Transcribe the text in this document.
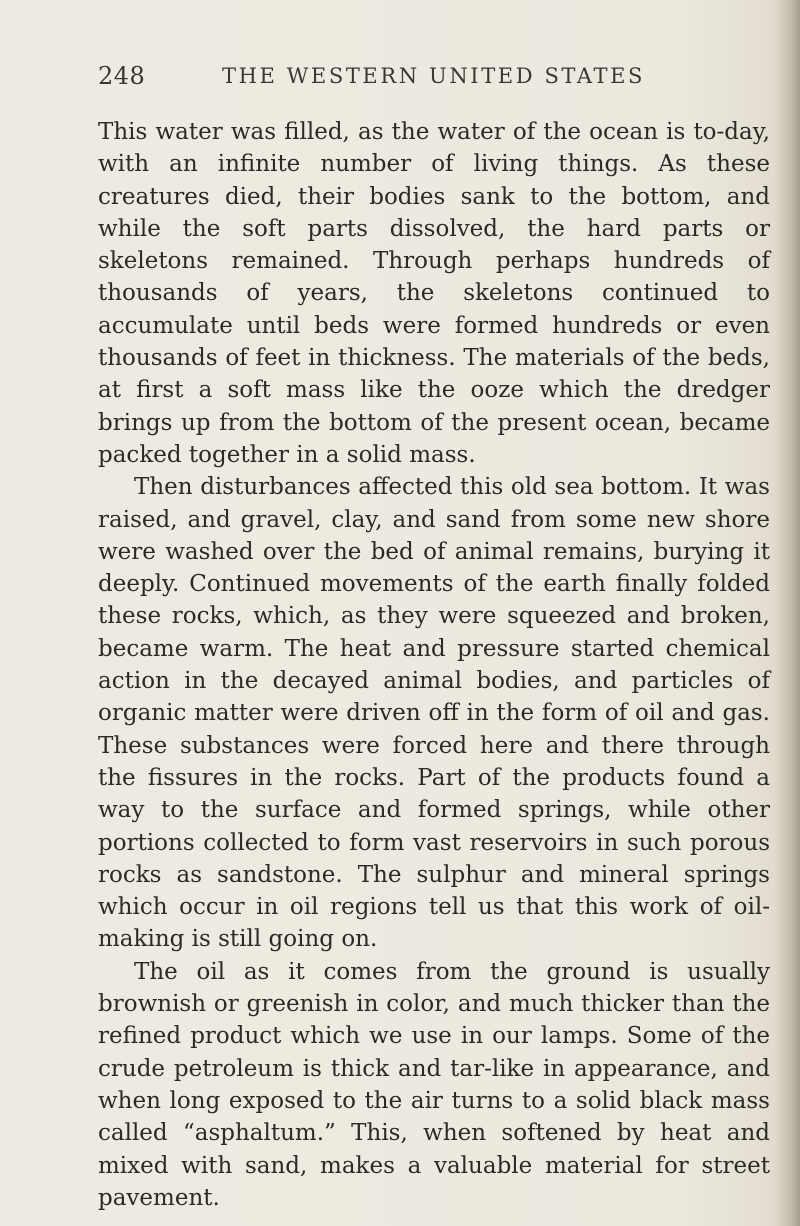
248	THE WESTERN UNITED STATES

This water was filled, as the water of the ocean is to-day, with an infinite number of living things. As these creatures died, their bodies sank to the bottom, and while the soft parts dissolved, the hard parts or skeletons remained. Through perhaps hundreds of thousands of years, the skeletons continued to accumulate until beds were formed hundreds or even thousands of feet in thickness. The materials of the beds, at first a soft mass like the ooze which the dredger brings up from the bottom of the present ocean, became packed together in a solid mass.

Then disturbances affected this old sea bottom. It was raised, and gravel, clay, and sand from some new shore were washed over the bed of animal remains, burying it deeply. Continued movements of the earth finally folded these rocks, which, as they were squeezed and broken, became warm. The heat and pressure started chemical action in the decayed animal bodies, and particles of organic matter were driven off in the form of oil and gas. These substances were forced here and there through the fissures in the rocks. Part of the products found a way to the surface and formed springs, while other portions collected to form vast reservoirs in such porous rocks as sandstone. The sulphur and mineral springs which occur in oil regions tell us that this work of oil-making is still going on.

The oil as it comes from the ground is usually brownish or greenish in color, and much thicker than the refined product which we use in our lamps. Some of the crude petroleum is thick and tar-like in appearance, and when long exposed to the air turns to a solid black mass called “asphaltum.” This, when softened by heat and mixed with sand, makes a valuable material for street pavement.
